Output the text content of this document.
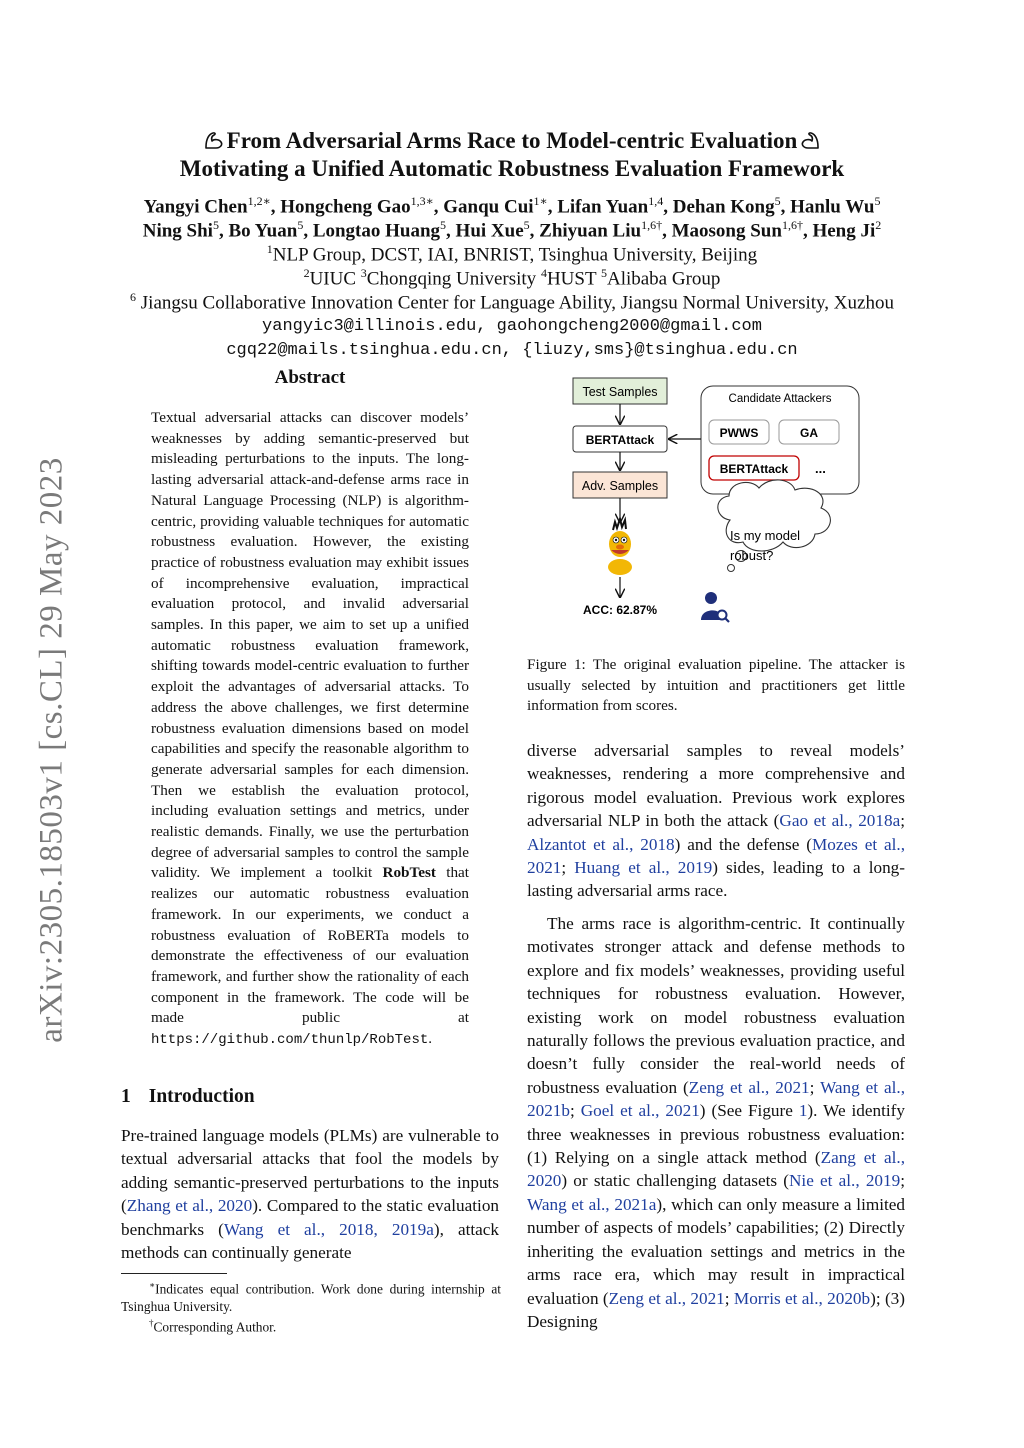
arXiv:2305.18503v1 [cs.CL] 29 May 2023
From Adversarial Arms Race to Model-centric Evaluation
Motivating a Unified Automatic Robustness Evaluation Framework
Yangyi Chen$^{1,2∗}$, Hongcheng Gao$^{1,3∗}$, Ganqu Cui$^{1∗}$, Lifan Yuan$^{1,4}$, Dehan Kong$^5$, Hanlu Wu$^5$
Ning Shi$^5$, Bo Yuan$^5$, Longtao Huang$^5$, Hui Xue$^5$, Zhiyuan Liu$^{1,6\dagger}$, Maosong Sun$^{1,6\dagger}$, Heng Ji$^2$
$^1$NLP Group, DCST, IAI, BNRIST, Tsinghua University, Beijing
$^2$UIUC $^3$Chongqing University $^4$HUST $^5$Alibaba Group
$^6$ Jiangsu Collaborative Innovation Center for Language Ability, Jiangsu Normal University, Xuzhou
yangyic3@illinois.edu, gaohongcheng2000@gmail.com
cgq22@mails.tsinghua.edu.cn, {liuzy,sms}@tsinghua.edu.cn
Abstract
Textual adversarial attacks can discover models’ weaknesses by adding semantic-preserved but misleading perturbations to the inputs. The long-lasting adversarial attack-and-defense arms race in Natural Language Processing (NLP) is algorithm-centric, providing valuable techniques for automatic robustness evaluation. However, the existing practice of robustness evaluation may exhibit issues of incomprehensive evaluation, impractical evaluation protocol, and invalid adversarial samples. In this paper, we aim to set up a unified automatic robustness evaluation framework, shifting towards model-centric evaluation to further exploit the advantages of adversarial attacks. To address the above challenges, we first determine robustness evaluation dimensions based on model capabilities and specify the reasonable algorithm to generate adversarial samples for each dimension. Then we establish the evaluation protocol, including evaluation settings and metrics, under realistic demands. Finally, we use the perturbation degree of adversarial samples to control the sample validity. We implement a toolkit RobTest that realizes our automatic robustness evaluation framework. In our experiments, we conduct a robustness evaluation of RoBERTa models to demonstrate the effectiveness of our evaluation framework, and further show the rationality of each component in the framework. The code will be made public at https://github.com/thunlp/RobTest.
1 Introduction
Pre-trained language models (PLMs) are vulnerable to textual adversarial attacks that fool the models by adding semantic-preserved perturbations to the inputs (Zhang et al., 2020). Compared to the static evaluation benchmarks (Wang et al., 2018, 2019a), attack methods can continually generate

∗Indicates equal contribution. Work done during internship at Tsinghua University.

†Corresponding Author.

Test Samples
BERTAttack
Adv. Samples
Candidate Attackers
PWWS	GA
BERTAttack ...
ACC: 62.87%
Is my model
robust?
Figure 1: The original evaluation pipeline. The attacker is usually selected by intuition and practitioners get little information from scores.

diverse adversarial samples to reveal models’ weaknesses, rendering a more comprehensive and rigorous model evaluation. Previous work explores adversarial NLP in both the attack (Gao et al., 2018a; Alzantot et al., 2018) and the defense (Mozes et al., 2021; Huang et al., 2019) sides, leading to a long-lasting adversarial arms race.

The arms race is algorithm-centric. It continually motivates stronger attack and defense methods to explore and fix models’ weaknesses, providing useful techniques for robustness evaluation. However, existing work on model robustness evaluation naturally follows the previous evaluation practice, and doesn’t fully consider the real-world needs of robustness evaluation (Zeng et al., 2021; Wang et al., 2021b; Goel et al., 2021) (See Figure 1). We identify three weaknesses in previous robustness evaluation: (1) Relying on a single attack method (Zang et al., 2020) or static challenging datasets (Nie et al., 2019; Wang et al., 2021a), which can only measure a limited number of aspects of models’ capabilities; (2) Directly inheriting the evaluation settings and metrics in the arms race era, which may result in impractical evaluation (Zeng et al., 2021; Morris et al., 2020b); (3) Designing
